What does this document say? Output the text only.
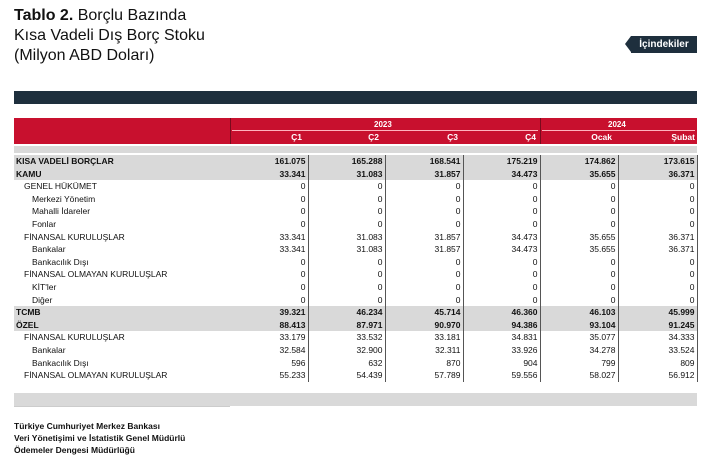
Tablo 2. Borçlu Bazında
Kısa Vadeli Dış Borç Stoku
(Milyon ABD Doları)
İçindekiler
2023	2024
Ç1	Ç2	Ç3	Ç4	Ocak	Şubat
KISA VADELİ BORÇLAR	161.075	165.288	168.541	175.219	174.862	173.615
KAMU	33.341	31.083	31.857	34.473	35.655	36.371
GENEL HÜKÜMET	0	0	0	0	0	0
Merkezi Yönetim	0	0	0	0	0	0
Mahalli İdareler	0	0	0	0	0	0
Fonlar	0	0	0	0	0	0
FİNANSAL KURULUŞLAR	33.341	31.083	31.857	34.473	35.655	36.371
Bankalar	33.341	31.083	31.857	34.473	35.655	36.371
Bankacılık Dışı	0	0	0	0	0	0
FİNANSAL OLMAYAN KURULUŞLAR	0	0	0	0	0	0
KİT'ler	0	0	0	0	0	0
Diğer	0	0	0	0	0	0
TCMB	39.321	46.234	45.714	46.360	46.103	45.999
ÖZEL	88.413	87.971	90.970	94.386	93.104	91.245
FİNANSAL KURULUŞLAR	33.179	33.532	33.181	34.831	35.077	34.333
Bankalar	32.584	32.900	32.311	33.926	34.278	33.524
Bankacılık Dışı	596	632	870	904	799	809
FİNANSAL OLMAYAN KURULUŞLAR	55.233	54.439	57.789	59.556	58.027	56.912
Türkiye Cumhuriyet Merkez Bankası
Veri Yönetişimi ve İstatistik Genel Müdürlü
Ödemeler Dengesi Müdürlüğü
